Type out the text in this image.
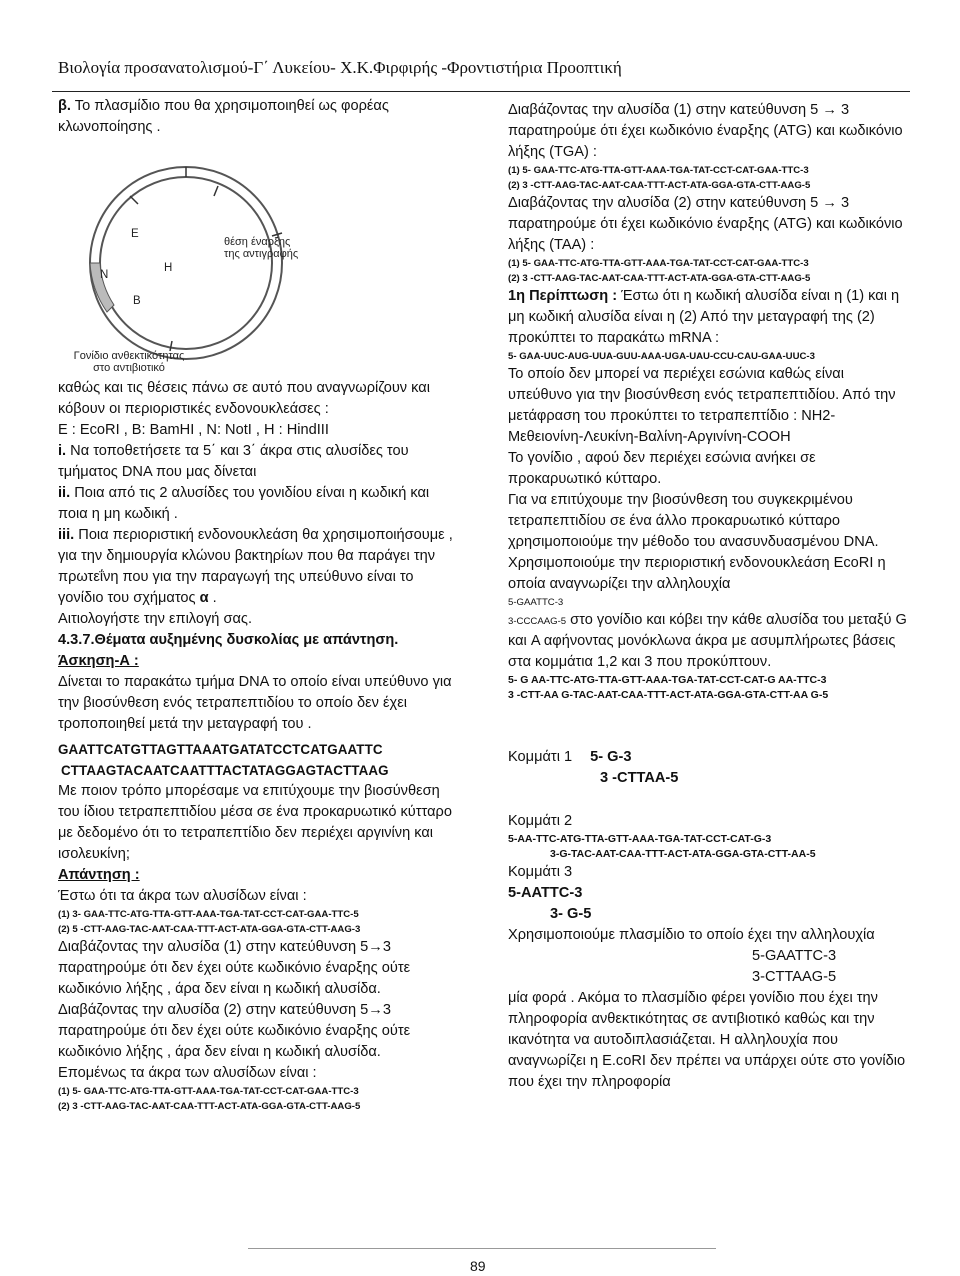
Βιολογία προσανατολισμού-Γ΄ Λυκείου- Χ.Κ.Φιρφιρής -Φροντιστήρια Προοπτική

β. Το πλασμίδιο που θα χρησιμοποιηθεί ως φορέας κλωνοποίησης .

E
N
H
B
θέση έναρξης
της αντιγραφής
Γονίδιο ανθεκτικότητας
στο αντιβιοτικό

καθώς και τις θέσεις πάνω σε αυτό που αναγνωρίζουν και κόβουν οι περιοριστικές ενδονουκλεάσες :

E : EcoRI , B: BamHI , N: NotI , H : HindIII

i. Να τοποθετήσετε τα 5΄ και 3΄ άκρα στις αλυσίδες του τμήματος DNA που μας δίνεται

ii. Ποια από τις 2 αλυσίδες του γονιδίου είναι η κωδική και ποια η μη κωδική .

iii. Ποια περιοριστική ενδονουκλεάση θα χρησιμοποιήσουμε , για την δημιουργία κλώνου βακτηρίων που θα παράγει την πρωτεΐνη που για την παραγωγή της υπεύθυνο είναι το γονίδιο του σχήματος α .

Αιτιολογήστε την επιλογή σας.

4.3.7.Θέματα αυξημένης δυσκολίας με απάντηση.

Άσκηση-Α :

Δίνεται το παρακάτω τμήμα DNA το οποίο είναι υπεύθυνο για την βιοσύνθεση ενός τετραπεπτιδίου το οποίο δεν έχει τροποποιηθεί μετά την μεταγραφή του .

GAATTCATGTTAGTTAAATGATATCCTCATGAATTC

CTTAAGTACAATCAATTTACTATAGGAGTACTTAAG

Με ποιον τρόπο μπορέσαμε να επιτύχουμε την βιοσύνθεση του ίδιου τετραπεπτιδίου μέσα σε ένα προκαρυωτικό κύτταρο με δεδομένο ότι το τετραπεπτίδιο δεν περιέχει αργινίνη και ισολευκίνη;

Απάντηση :

Έστω ότι τα άκρα των αλυσίδων είναι :

(1) 3- GAA-TTC-ATG-TTA-GTT-AAA-TGA-TAT-CCT-CAT-GAA-TTC-5

(2) 5 -CTT-AAG-TAC-AAT-CAA-TTT-ACT-ATA-GGA-GTA-CTT-AAG-3

Διαβάζοντας την αλυσίδα (1) στην κατεύθυνση 5→3 παρατηρούμε ότι δεν έχει ούτε κωδικόνιο έναρξης ούτε κωδικόνιο λήξης , άρα δεν είναι η κωδική αλυσίδα. Διαβάζοντας την αλυσίδα (2) στην κατεύθυνση 5→3 παρατηρούμε ότι δεν έχει ούτε κωδικόνιο έναρξης ούτε κωδικόνιο λήξης , άρα δεν είναι η κωδική αλυσίδα.

Επομένως τα άκρα των αλυσίδων είναι :

(1) 5- GAA-TTC-ATG-TTA-GTT-AAA-TGA-TAT-CCT-CAT-GAA-TTC-3

(2) 3 -CTT-AAG-TAC-AAT-CAA-TTT-ACT-ATA-GGA-GTA-CTT-AAG-5

Διαβάζοντας την αλυσίδα (1) στην κατεύθυνση 5 → 3 παρατηρούμε ότι έχει κωδικόνιο έναρξης (ATG) και κωδικόνιο λήξης (TGA) :

(1) 5- GAA-TTC-ATG-TTA-GTT-AAA-TGA-TAT-CCT-CAT-GAA-TTC-3

(2) 3 -CTT-AAG-TAC-AAT-CAA-TTT-ACT-ATA-GGA-GTA-CTT-AAG-5

Διαβάζοντας την αλυσίδα (2) στην κατεύθυνση 5 → 3 παρατηρούμε ότι έχει κωδικόνιο έναρξης (ATG) και κωδικόνιο λήξης (TAA) :

(1) 5- GAA-TTC-ATG-TTA-GTT-AAA-TGA-TAT-CCT-CAT-GAA-TTC-3

(2) 3 -CTT-AAG-TAC-AAT-CAA-TTT-ACT-ATA-GGA-GTA-CTT-AAG-5

1η Περίπτωση : Έστω ότι η κωδική αλυσίδα είναι η (1) και η μη κωδική αλυσίδα είναι η (2) Από την μεταγραφή της (2) προκύπτει το παρακάτω mRNA :

5- GAA-UUC-AUG-UUA-GUU-AAA-UGA-UAU-CCU-CAU-GAA-UUC-3

Το οποίο δεν μπορεί να περιέχει εσώνια καθώς είναι υπεύθυνο για την βιοσύνθεση ενός τετραπεπτιδίου. Από την μετάφραση του προκύπτει το τετραπεπτίδιο : NH2-Μεθειονίνη-Λευκίνη-Βαλίνη-Αργινίνη-COOH

Το γονίδιο , αφού δεν περιέχει εσώνια ανήκει σε προκαρυωτικό κύτταρο.

Για να επιτύχουμε την βιοσύνθεση του συγκεκριμένου τετραπεπτιδίου σε ένα άλλο προκαρυωτικό κύτταρο χρησιμοποιούμε την μέθοδο του ανασυνδυασμένου DNA.

Χρησιμοποιούμε την περιοριστική ενδονουκλεάση EcoRI η οποία αναγνωρίζει την αλληλουχία

5-GAATTC-3

3-CCCAAG-5 στο γονίδιο και κόβει την κάθε αλυσίδα του μεταξύ G και A αφήνοντας μονόκλωνα άκρα με ασυμπλήρωτες βάσεις στα κομμάτια 1,2 και 3 που προκύπτουν.

5- G AA-TTC-ATG-TTA-GTT-AAA-TGA-TAT-CCT-CAT-G AA-TTC-3

3 -CTT-AA G-TAC-AAT-CAA-TTT-ACT-ATA-GGA-GTA-CTT-AA G-5

Κομμάτι 1 5- G-3

3 -CTTAA-5

Κομμάτι 2

5-AA-TTC-ATG-TTA-GTT-AAA-TGA-TAT-CCT-CAT-G-3

3-G-TAC-AAT-CAA-TTT-ACT-ATA-GGA-GTA-CTT-AA-5

Κομμάτι 3

5-AATTC-3

3- G-5

Χρησιμοποιούμε πλασμίδιο το οποίο έχει την αλληλουχία

5-GAATTC-3

3-CTTAAG-5

μία φορά . Ακόμα το πλασμίδιο φέρει γονίδιο που έχει την πληροφορία ανθεκτικότητας σε αντιβιοτικό καθώς και την ικανότητα να αυτοδιπλασιάζεται. Η αλληλουχία που αναγνωρίζει η E.coRI δεν πρέπει να υπάρχει ούτε στο γονίδιο που έχει την πληροφορία

89
